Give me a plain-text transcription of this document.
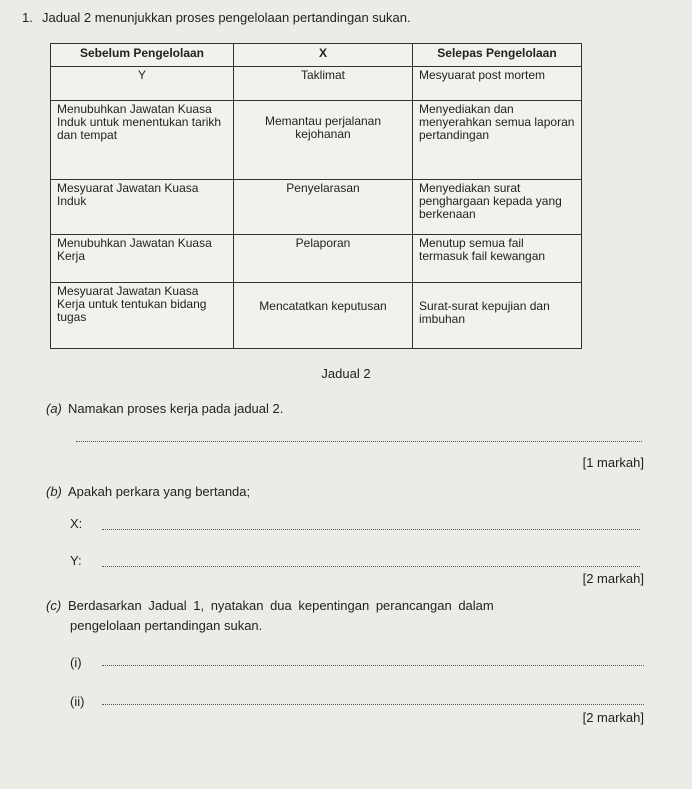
1. Jadual 2 menunjukkan proses pengelolaan pertandingan sukan.
Sebelum Pengelolaan	X	Selepas Pengelolaan
Y	Taklimat	Mesyuarat post mortem
Menubuhkan Jawatan Kuasa Induk untuk menentukan tarikh dan tempat	Memantau perjalanan kejohanan	Menyediakan dan menyerahkan semua laporan pertandingan
Mesyuarat Jawatan Kuasa Induk	Penyelarasan	Menyediakan surat penghargaan kepada yang berkenaan
Menubuhkan Jawatan Kuasa Kerja	Pelaporan	Menutup semua fail termasuk fail kewangan
Mesyuarat Jawatan Kuasa Kerja untuk tentukan bidang tugas	Mencatatkan keputusan	Surat-surat kepujian dan imbuhan
Jadual 2
(a) Namakan proses kerja pada jadual 2.
[1 markah]
(b) Apakah perkara yang bertanda;
X:
Y:
[2 markah]
(c) Berdasarkan Jadual 1, nyatakan dua kepentingan perancangan dalam
pengelolaan pertandingan sukan.
(i)
(ii)
[2 markah]
